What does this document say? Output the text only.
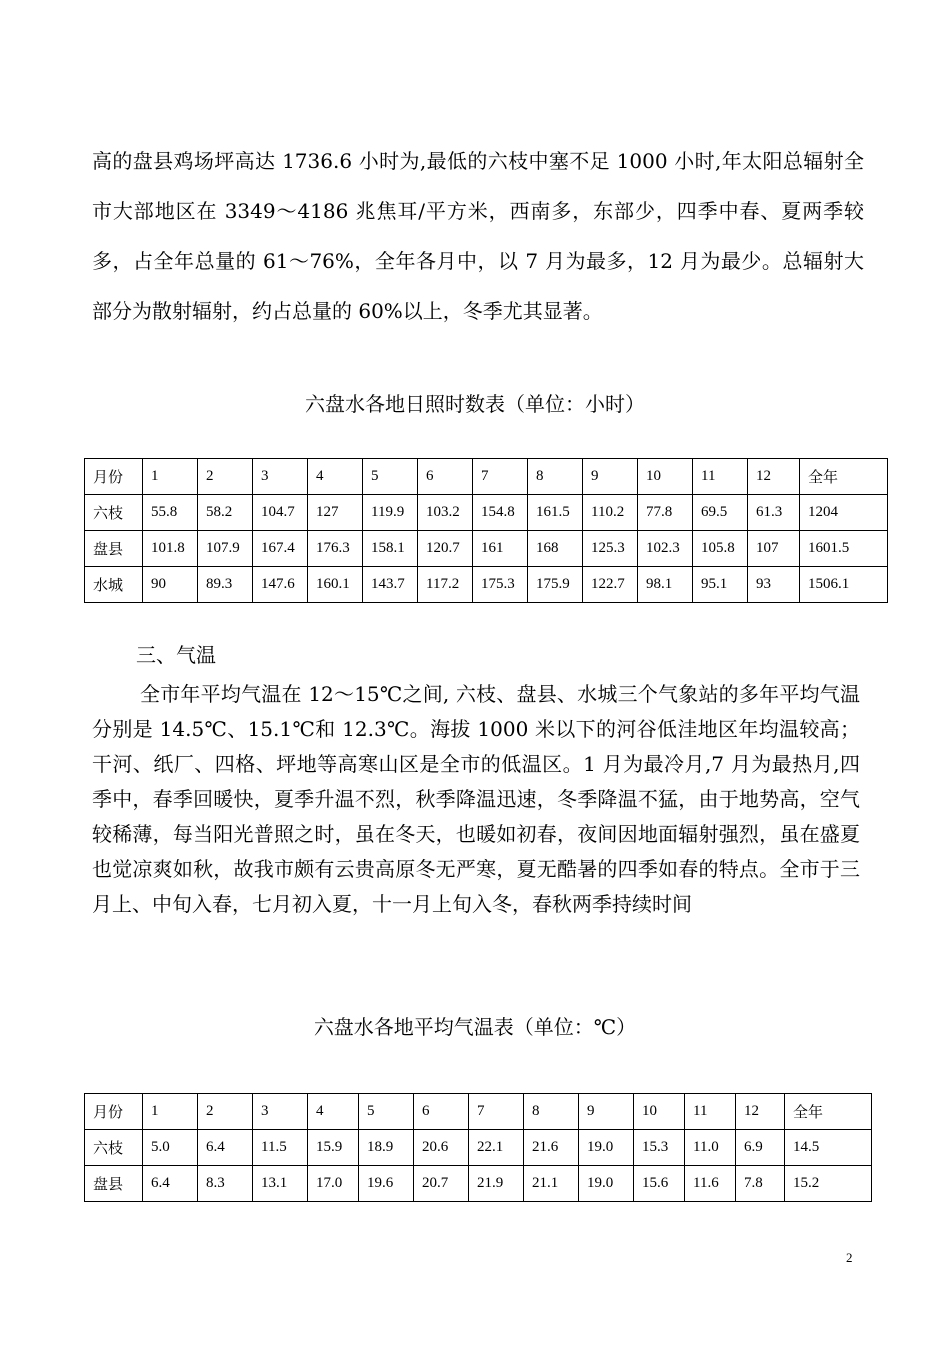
高的盘县鸡场坪高达 1736.6 小时为,最低的六枝中塞不足 1000 小时,年太阳总辐射全市大部地区在 3349～4186 兆焦耳/平方米，西南多，东部少，四季中春、夏两季较多，占全年总量的 61～76%，全年各月中，以 7 月为最多，12 月为最少。总辐射大部分为散射辐射，约占总量的 60%以上，冬季尤其显著。

六盘水各地日照时数表（单位：小时）

月份	1	2	3	4	5	6	7	8	9	10	11	12	全年
六枝	55.8	58.2	104.7	127	119.9	103.2	154.8	161.5	110.2	77.8	69.5	61.3	1204
盘县	101.8	107.9	167.4	176.3	158.1	120.7	161	168	125.3	102.3	105.8	107	1601.5
水城	90	89.3	147.6	160.1	143.7	117.2	175.3	175.9	122.7	98.1	95.1	93	1506.1

三、气温

全市年平均气温在 12～15℃之间, 六枝、盘县、水城三个气象站的多年平均气温分别是 14.5℃、15.1℃和 12.3℃。海拔 1000 米以下的河谷低洼地区年均温较高；干河、纸厂、四格、坪地等高寒山区是全市的低温区。1 月为最冷月,7 月为最热月,四季中，春季回暖快，夏季升温不烈，秋季降温迅速，冬季降温不猛，由于地势高，空气较稀薄，每当阳光普照之时，虽在冬天，也暖如初春，夜间因地面辐射强烈，虽在盛夏也觉凉爽如秋，故我市颇有云贵高原冬无严寒，夏无酷暑的四季如春的特点。全市于三月上、中旬入春，七月初入夏，十一月上旬入冬，春秋两季持续时间

六盘水各地平均气温表（单位：℃）

月份	1	2	3	4	5	6	7	8	9	10	11	12	全年
六枝	5.0	6.4	11.5	15.9	18.9	20.6	22.1	21.6	19.0	15.3	11.0	6.9	14.5
盘县	6.4	8.3	13.1	17.0	19.6	20.7	21.9	21.1	19.0	15.6	11.6	7.8	15.2
2
